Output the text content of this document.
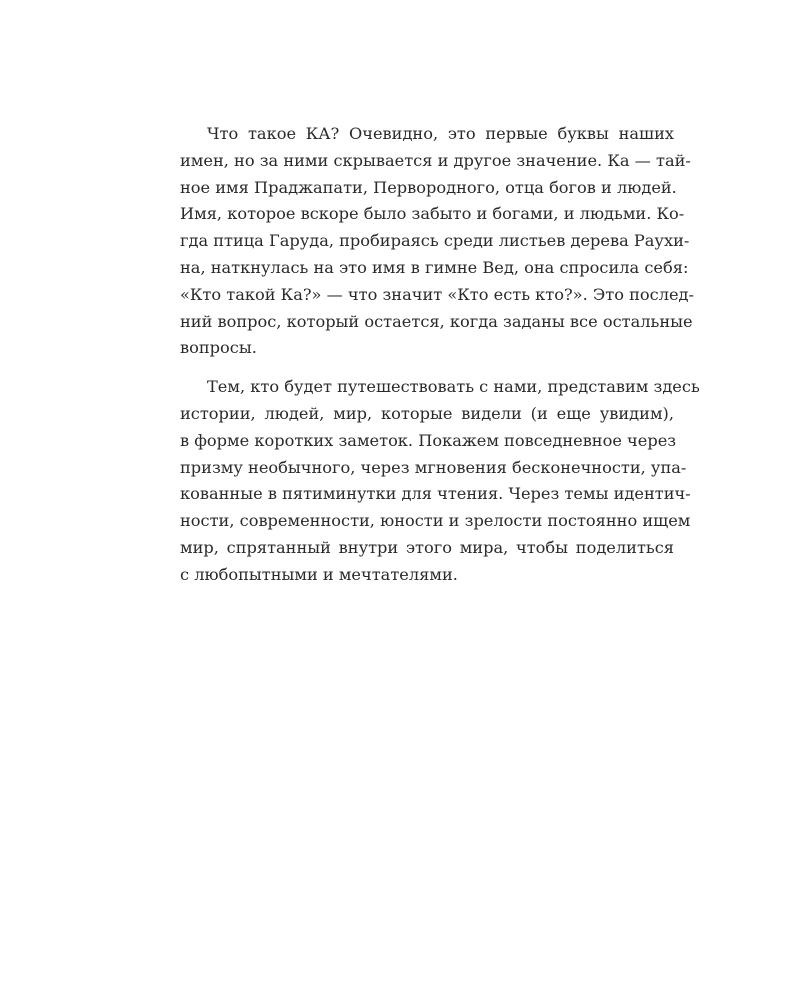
Что такое КА? Очевидно, это первые буквы наших
имен, но за ними скрывается и другое значение. Ка — тай-
ное имя Праджапати, Первородного, отца богов и людей.
Имя, которое вскоре было забыто и богами, и людьми. Ко-
гда птица Гаруда, пробираясь среди листьев дерева Раухи-
на, наткнулась на это имя в гимне Вед, она спросила себя:
«Кто такой Ка?» — что значит «Кто есть кто?». Это послед-
ний вопрос, который остается, когда заданы все остальные
вопросы.

Тем, кто будет путешествовать с нами, представим здесь
истории, людей, мир, которые видели (и еще увидим),
в форме коротких заметок. Покажем повседневное через
призму необычного, через мгновения бесконечности, упа-
кованные в пятиминутки для чтения. Через темы идентич-
ности, современности, юности и зрелости постоянно ищем
мир, спрятанный внутри этого мира, чтобы поделиться
с любопытными и мечтателями.
